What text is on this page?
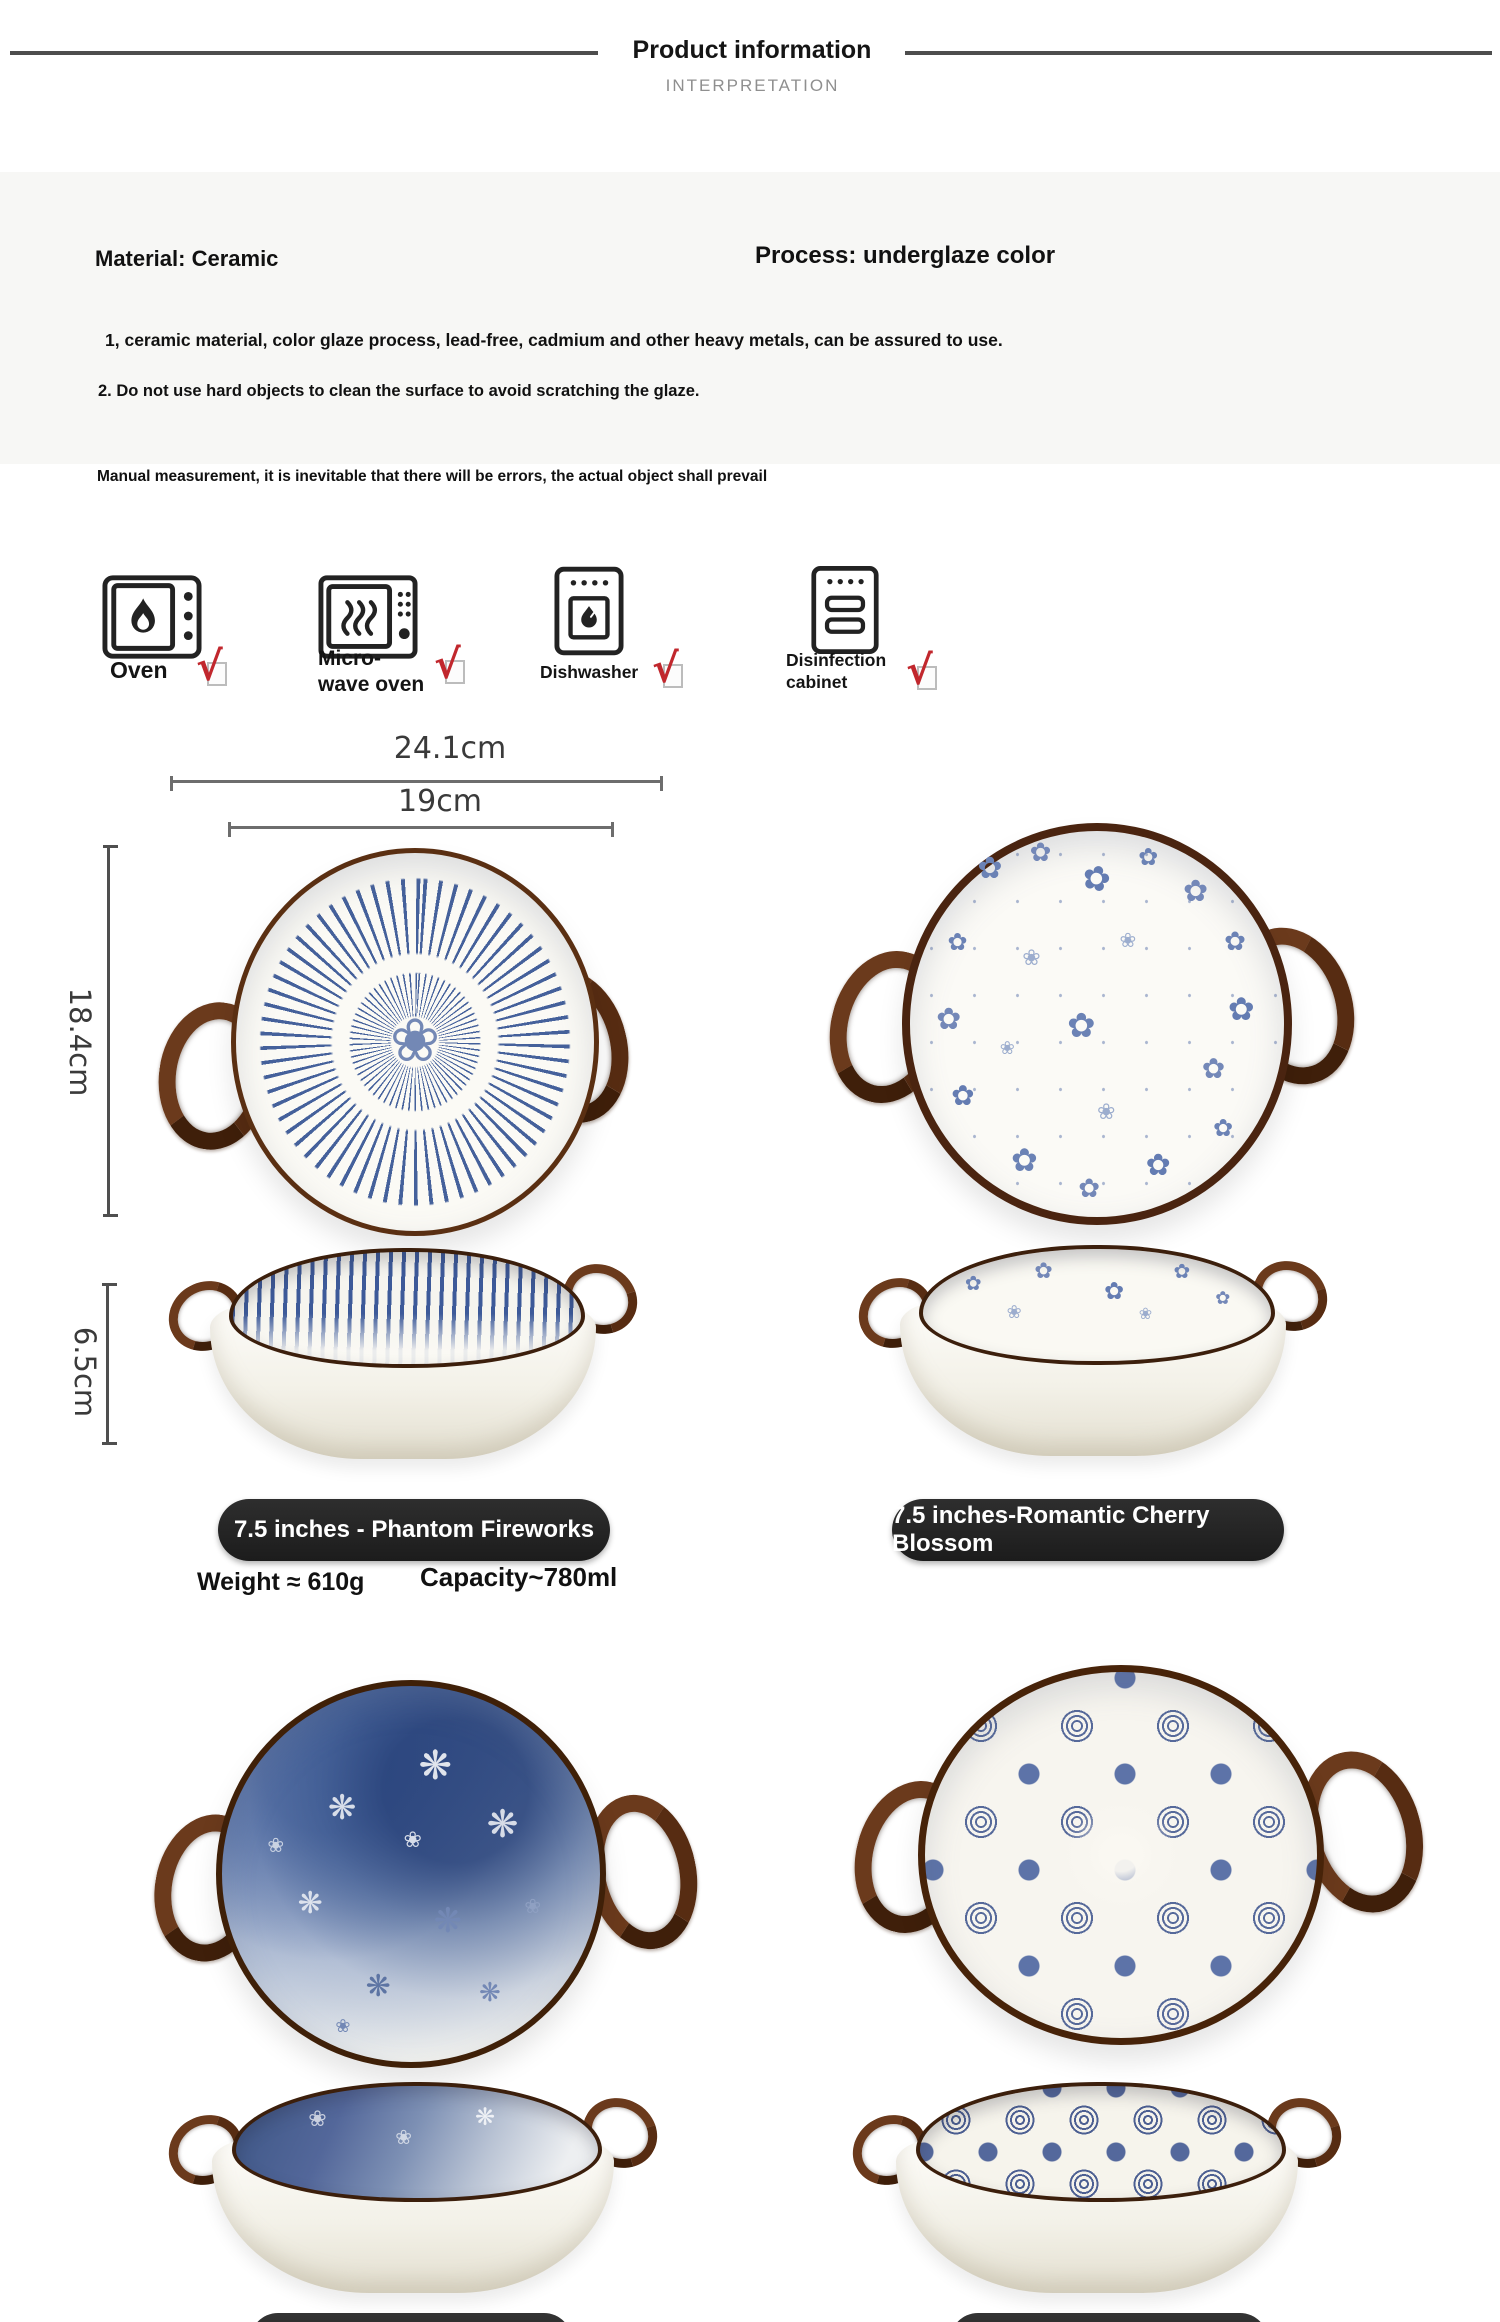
Product information
INTERPRETATION
Material: Ceramic	Process: underglaze color
1, ceramic material, color glaze process, lead-free, cadmium and other heavy metals, can be assured to use.
2. Do not use hard objects to clean the surface to avoid scratching the glaze.
Manual measurement, it is inevitable that there will be errors, the actual object shall prevail
Oven √	Micro-
wave oven √	Dishwasher √	Disinfection
cabinet	√
24.1cm
19cm
18.4cm
6.5cm
❀
✿
✿
✿ ✿
✿
✿
✿
✿
✿
✿
✿
✿
✿
✿
✿
✿
❀
❀
❀
❀
✿
✿
✿
✿
✿
❀	❀
7.5 inches - Phantom Fireworks
7.5 inches-Romantic Cherry Blossom
Weight ≈ 610g Capacity~780ml
❋
❋	❋
❋	❋
❋	❋
❀	❀
❀
❀
❀
❀
❋
